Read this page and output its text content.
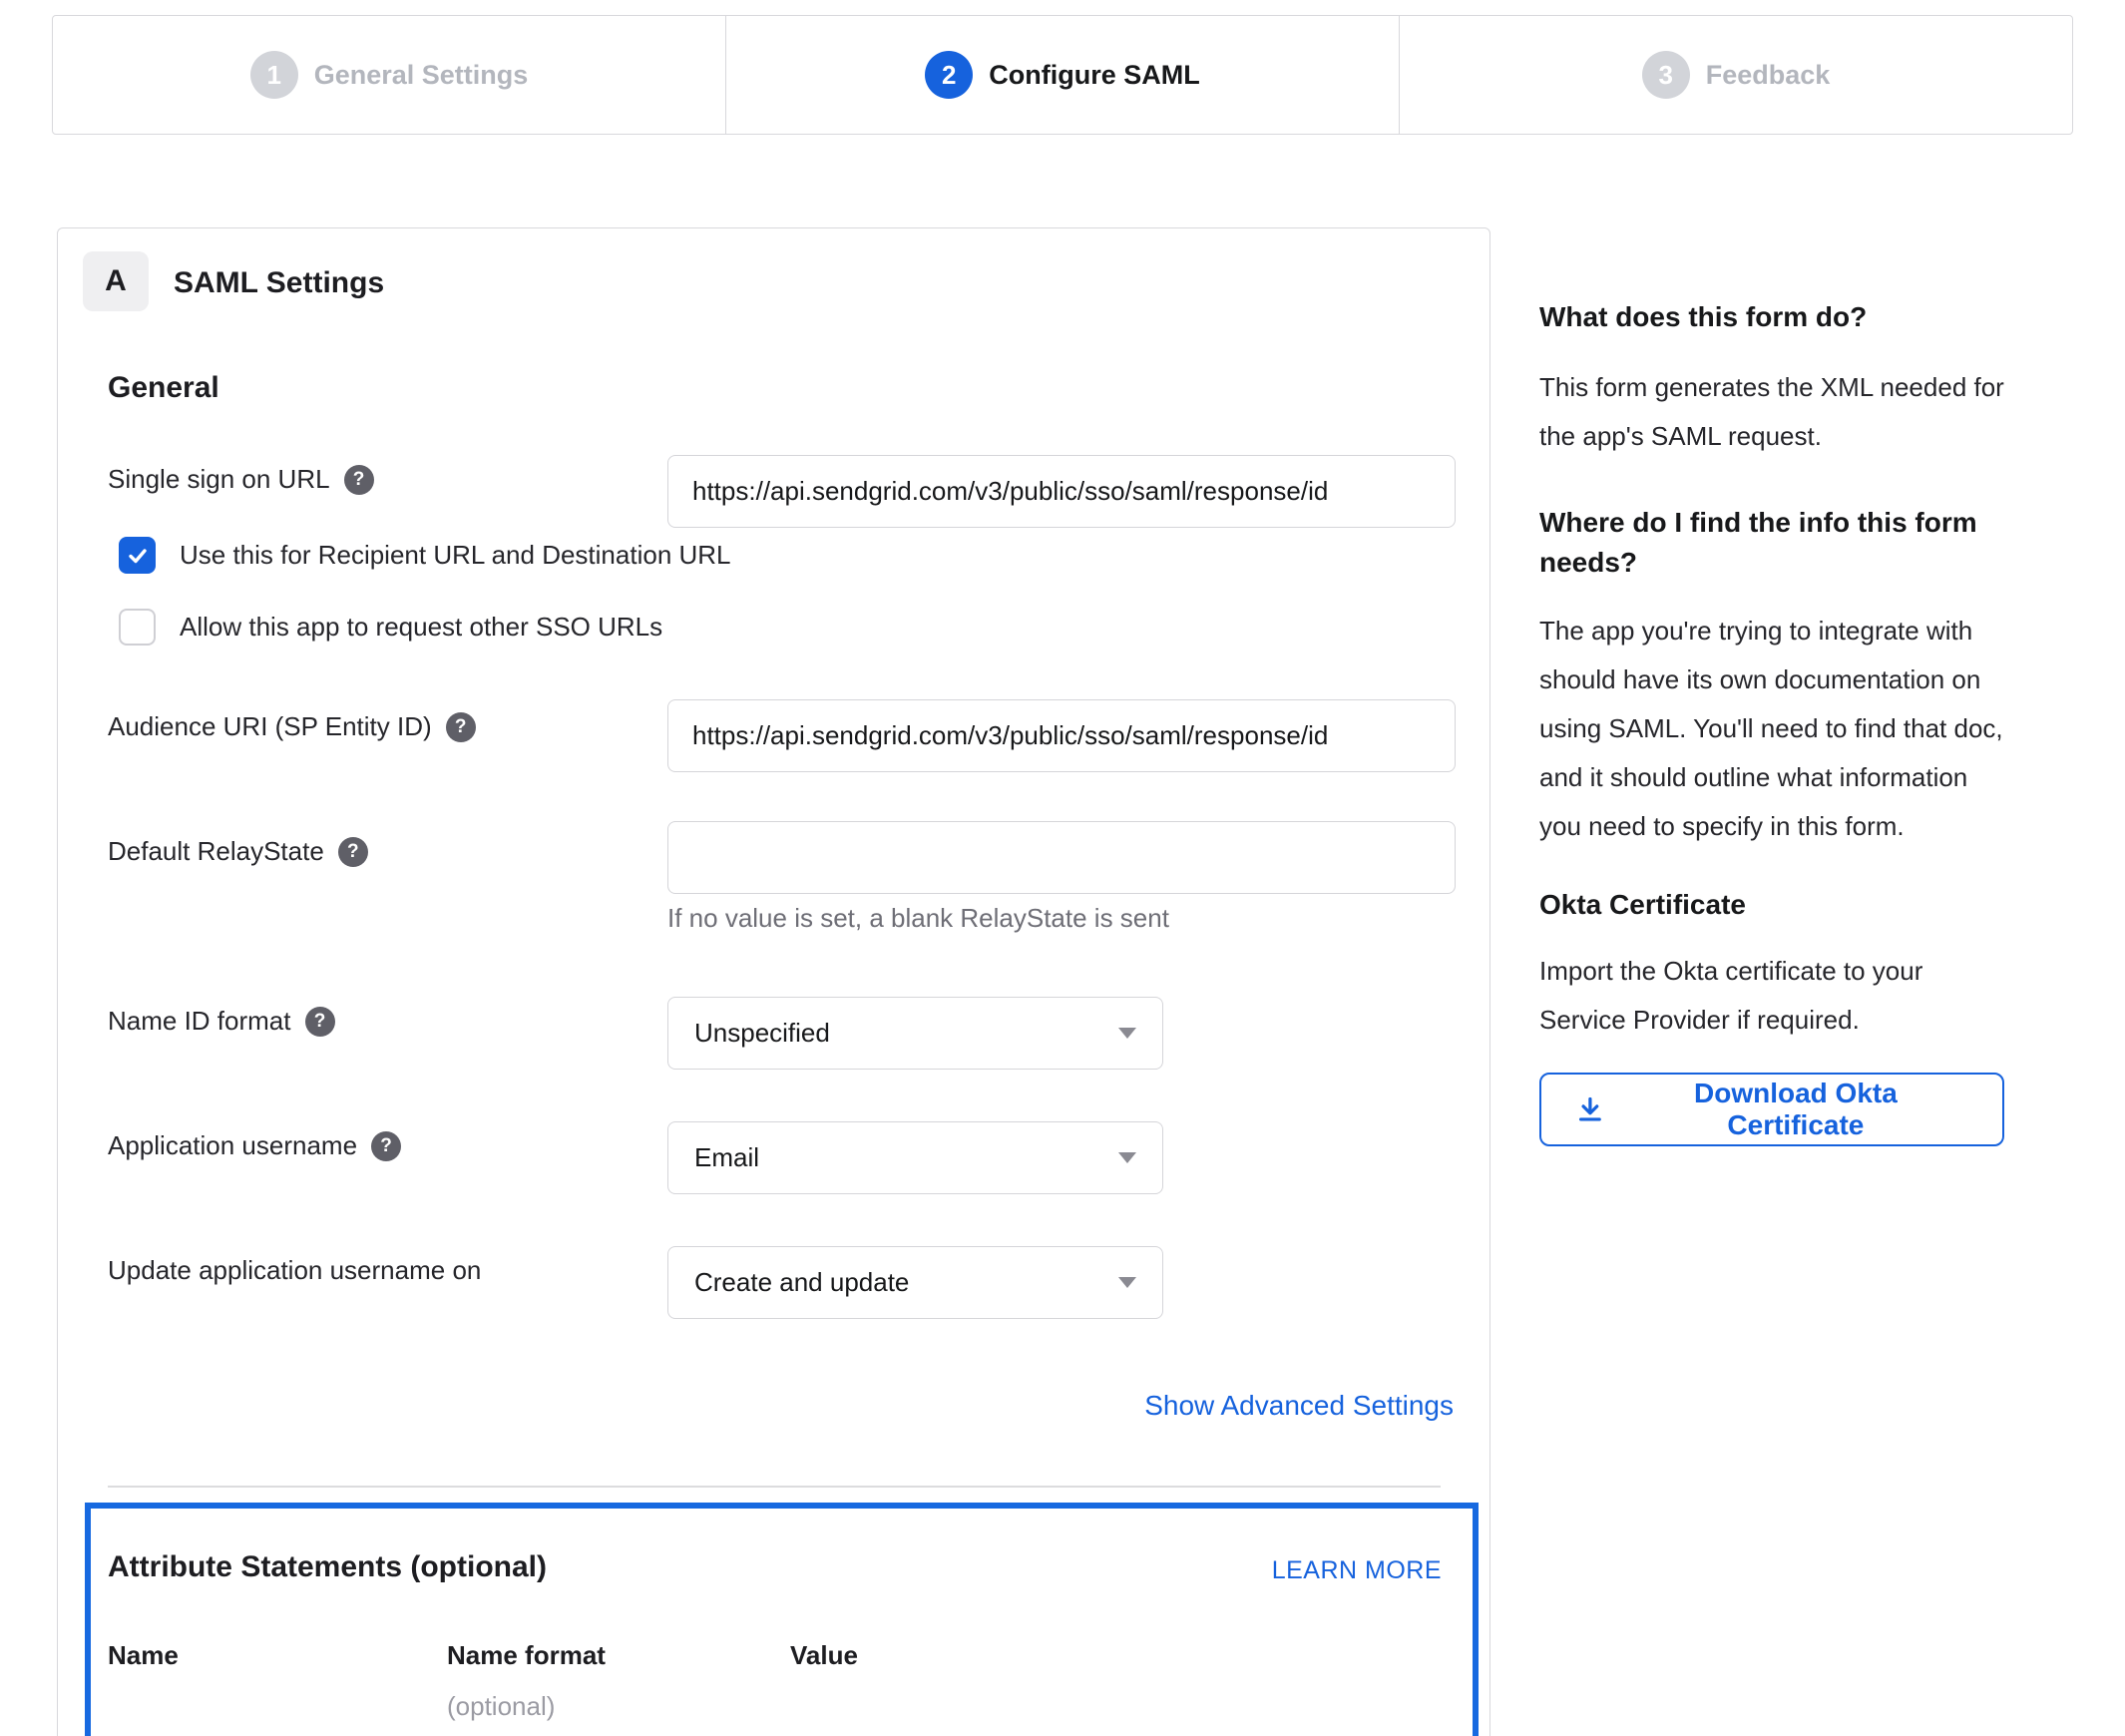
1	General Settings	2	Configure SAML	3	Feedback
A	SAML Settings
General
Single sign on URL	?
https://api.sendgrid.com/v3/public/sso/saml/response/id
Use this for Recipient URL and Destination URL
Allow this app to request other SSO URLs
Audience URI (SP Entity ID)	?
https://api.sendgrid.com/v3/public/sso/saml/response/id
Default RelayState	?
If no value is set, a blank RelayState is sent
Name ID format	?	Unspecified
Application username	?	Email
Update application username on	Create and update
Show Advanced Settings
Attribute Statements (optional)	LEARN MORE
Name	Name format	Value
(optional)
What does this form do?

This form generates the XML needed for the app's SAML request.

Where do I find the info this form needs?

The app you're trying to integrate with should have its own documentation on using SAML. You'll need to find that doc, and it should outline what information you need to specify in this form.

Okta Certificate

Import the Okta certificate to your Service Provider if required.

Download Okta Certificate
